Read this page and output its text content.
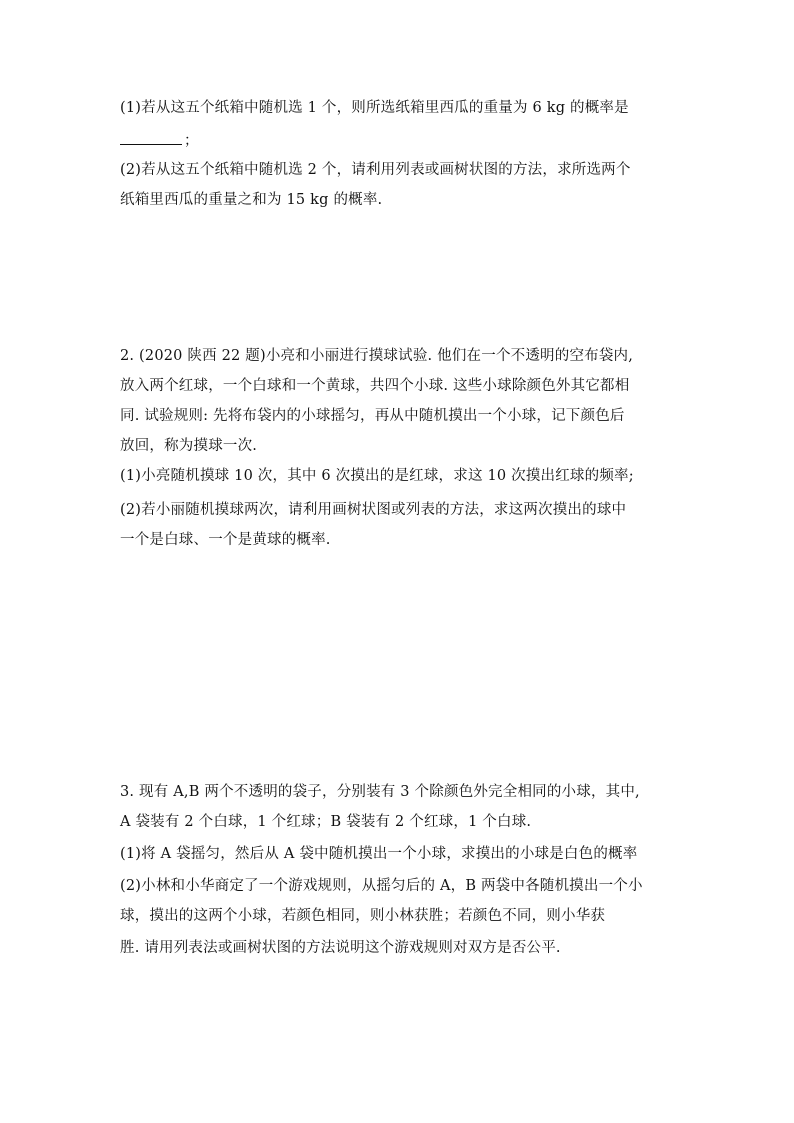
(1)若从这五个纸箱中随机选 1 个，则所选纸箱里西瓜的重量为 6 kg 的概率是
；
(2)若从这五个纸箱中随机选 2 个，请利用列表或画树状图的方法，求所选两个
纸箱里西瓜的重量之和为 15 kg 的概率.
2. (2020 陕西 22 题)小亮和小丽进行摸球试验. 他们在一个不透明的空布袋内,
放入两个红球，一个白球和一个黄球，共四个小球. 这些小球除颜色外其它都相
同. 试验规则: 先将布袋内的小球摇匀，再从中随机摸出一个小球，记下颜色后
放回，称为摸球一次.
(1)小亮随机摸球 10 次，其中 6 次摸出的是红球，求这 10 次摸出红球的频率;
(2)若小丽随机摸球两次，请利用画树状图或列表的方法，求这两次摸出的球中
一个是白球、一个是黄球的概率.
3. 现有 A,B 两个不透明的袋子，分别装有 3 个除颜色外完全相同的小球，其中,
A 袋装有 2 个白球，1 个红球；B 袋装有 2 个红球，1 个白球.
(1)将 A 袋摇匀，然后从 A 袋中随机摸出一个小球，求摸出的小球是白色的概率
(2)小林和小华商定了一个游戏规则，从摇匀后的 A，B 两袋中各随机摸出一个小
球，摸出的这两个小球，若颜色相同，则小林获胜；若颜色不同，则小华获
胜. 请用列表法或画树状图的方法说明这个游戏规则对双方是否公平.
